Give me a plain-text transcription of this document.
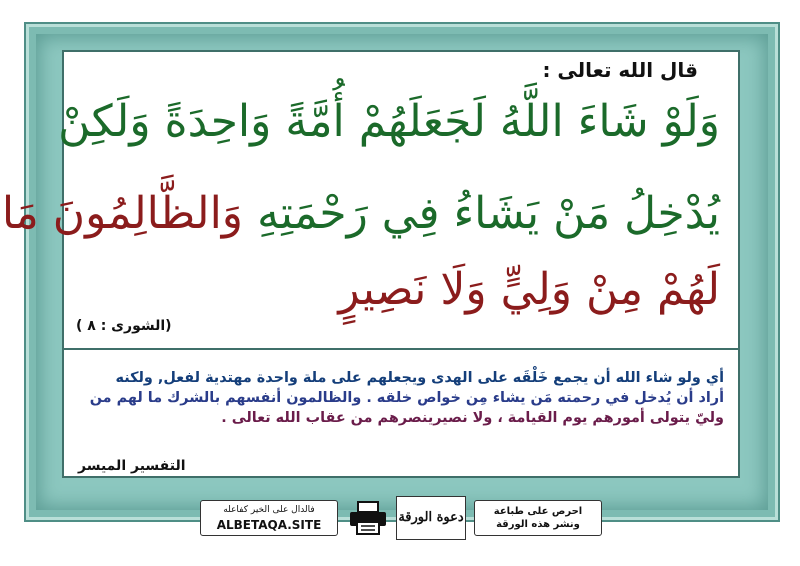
قال الله تعالى :
وَلَوْ شَاءَ اللَّهُ لَجَعَلَهُمْ أُمَّةً وَاحِدَةً وَلَكِنْ
يُدْخِلُ مَنْ يَشَاءُ فِي رَحْمَتِهِ وَالظَّالِمُونَ مَا
لَهُمْ مِنْ وَلِيٍّ وَلَا نَصِيرٍ
(الشورى : ٨ )
أي ولو شاء الله أن يجمع خَلْقَه على الهدى ويجعلهم على ملة واحدة مهتدية لفعل, ولكنه
أراد أن يُدخل في رحمته مَن يشاء مِن خواص خلقه . والظالمون أنفسهم بالشرك ما لهم من
وليّ يتولى أمورهم يوم القيامة ، ولا نصيرينصرهم من عقاب الله تعالى .
التفسير الميسر
فالدال على الخير كفاعله
ALBETAQA.SITE
دعوة الورقة	احرص على طباعة
ونشر هذه الورقة
